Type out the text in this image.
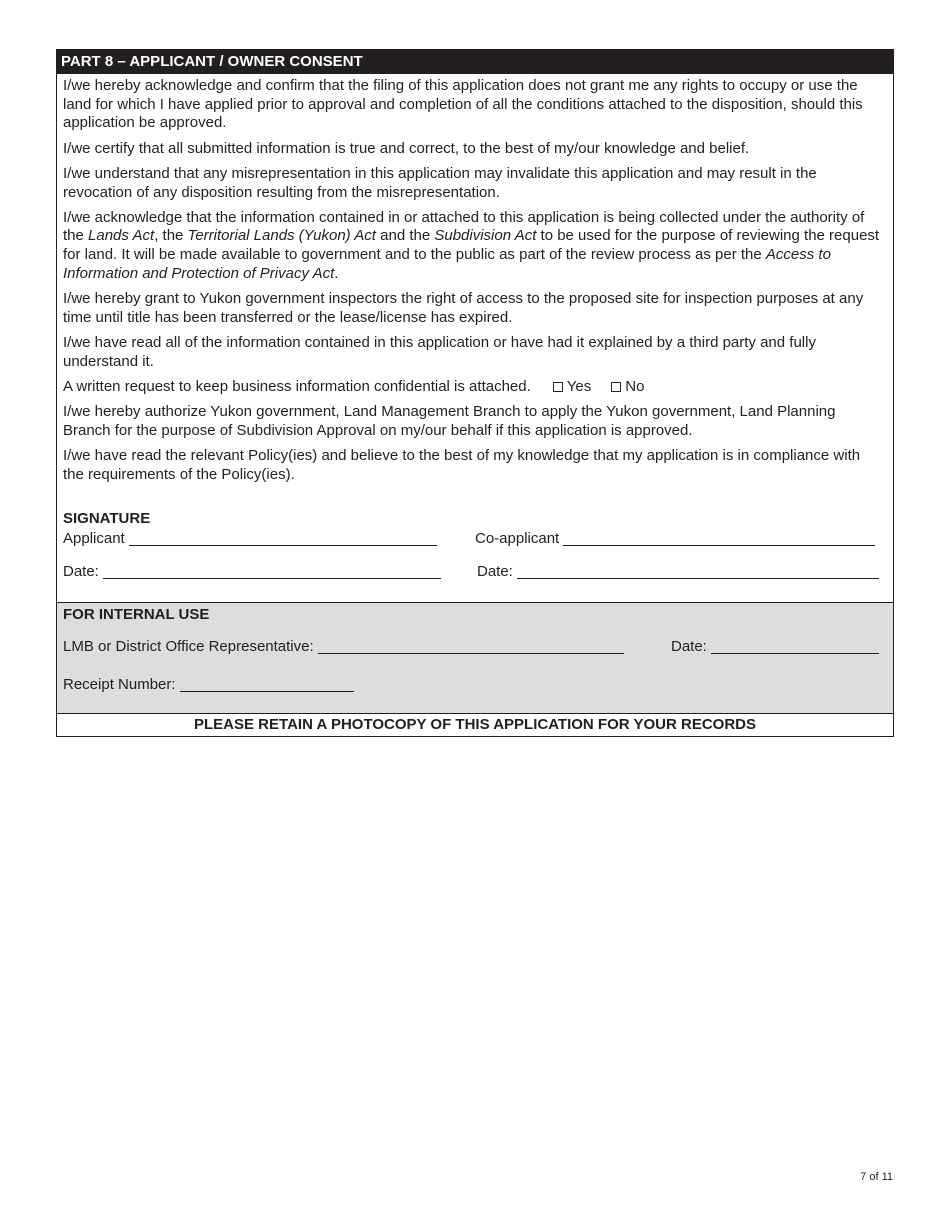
PART 8 – APPLICANT / OWNER CONSENT

I/we hereby acknowledge and confirm that the filing of this application does not grant me any rights to occupy or use the land for which I have applied prior to approval and completion of all the conditions attached to the disposition, should this application be approved.

I/we certify that all submitted information is true and correct, to the best of my/our knowledge and belief.

I/we understand that any misrepresentation in this application may invalidate this application and may result in the revocation of any disposition resulting from the misrepresentation.

I/we acknowledge that the information contained in or attached to this application is being collected under the authority of the Lands Act, the Territorial Lands (Yukon) Act and the Subdivision Act to be used for the purpose of reviewing the request for land. It will be made available to government and to the public as part of the review process as per the Access to Information and Protection of Privacy Act.

I/we hereby grant to Yukon government inspectors the right of access to the proposed site for inspection purposes at any time until title has been transferred or the lease/license has expired.

I/we have read all of the information contained in this application or have had it explained by a third party and fully understand it.

A written request to keep business information confidential is attached. Yes No

I/we hereby authorize Yukon government, Land Management Branch to apply the Yukon government, Land Planning Branch for the purpose of Subdivision Approval on my/our behalf if this application is approved.

I/we have read the relevant Policy(ies) and believe to the best of my knowledge that my application is in compliance with the requirements of the Policy(ies).

SIGNATURE
Applicant	Co-applicant
Date:	Date:
FOR INTERNAL USE
LMB or District Office Representative:	Date:
Receipt Number:
PLEASE RETAIN A PHOTOCOPY OF THIS APPLICATION FOR YOUR RECORDS
7 of 11
